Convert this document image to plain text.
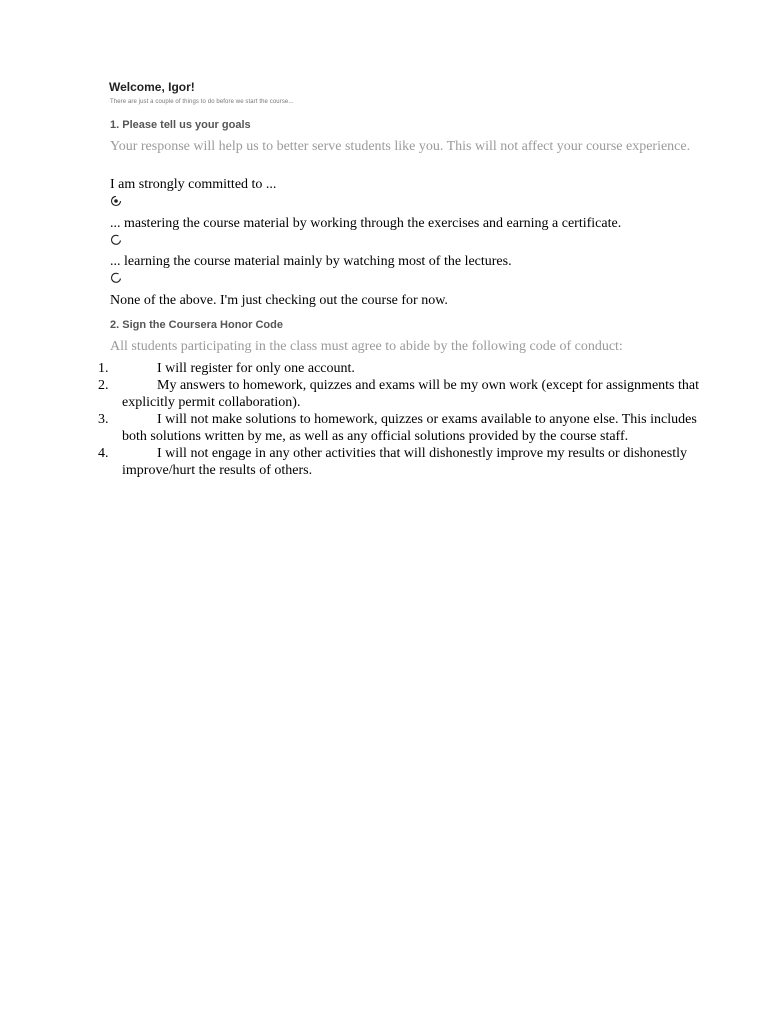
Welcome, Igor!

There are just a couple of things to do before we start the course...

1. Please tell us your goals

Your response will help us to better serve students like you. This will not affect your course experience.

I am strongly committed to ...

... mastering the course material by working through the exercises and earning a certificate.

... learning the course material mainly by watching most of the lectures.

None of the above. I'm just checking out the course for now.

2. Sign the Coursera Honor Code

All students participating in the class must agree to abide by the following code of conduct:

1.	I will register for only one account.
2.	My answers to homework, quizzes and exams will be my own work (except for assignments that explicitly permit collaboration).
3.	I will not make solutions to homework, quizzes or exams available to anyone else. This includes both solutions written by me, as well as any official solutions provided by the course staff.
4.	I will not engage in any other activities that will dishonestly improve my results or dishonestly improve/hurt the results of others.
